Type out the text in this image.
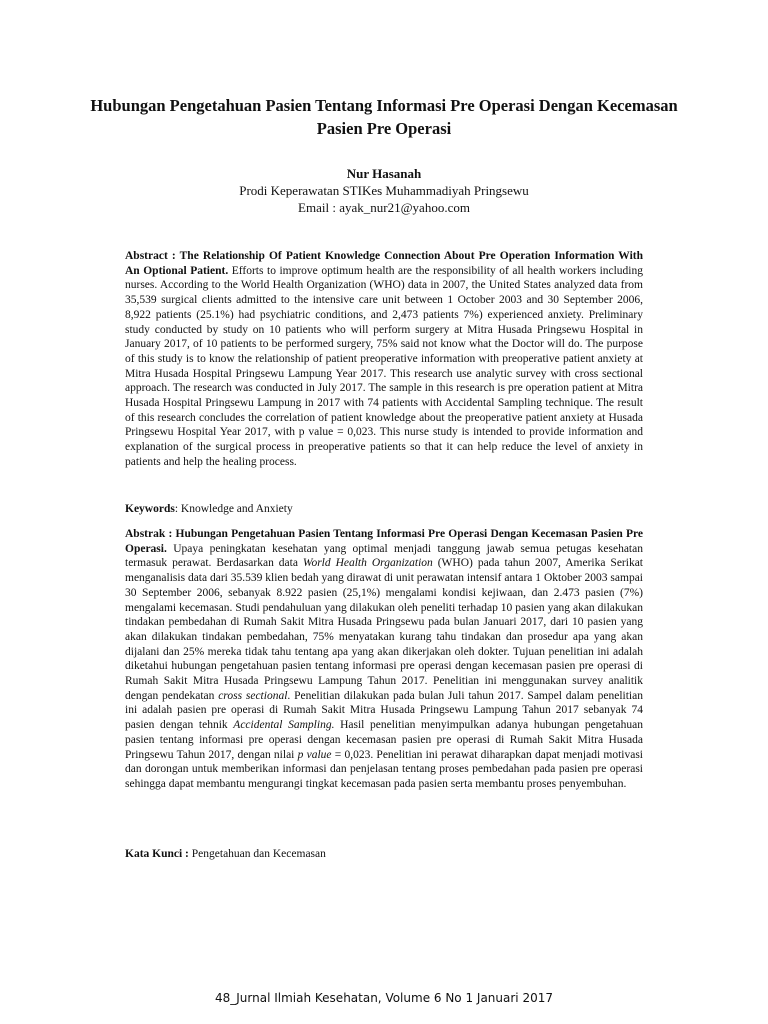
Hubungan Pengetahuan Pasien Tentang Informasi Pre Operasi Dengan Kecemasan Pasien Pre Operasi
Nur Hasanah
Prodi Keperawatan STIKes Muhammadiyah Pringsewu
Email : ayak_nur21@yahoo.com
Abstract : The Relationship Of Patient Knowledge Connection About Pre Operation Information With An Optional Patient. Efforts to improve optimum health are the responsibility of all health workers including nurses. According to the World Health Organization (WHO) data in 2007, the United States analyzed data from 35,539 surgical clients admitted to the intensive care unit between 1 October 2003 and 30 September 2006, 8,922 patients (25.1%) had psychiatric conditions, and 2,473 patients 7%) experienced anxiety. Preliminary study conducted by study on 10 patients who will perform surgery at Mitra Husada Pringsewu Hospital in January 2017, of 10 patients to be performed surgery, 75% said not know what the Doctor will do. The purpose of this study is to know the relationship of patient preoperative information with preoperative patient anxiety at Mitra Husada Hospital Pringsewu Lampung Year 2017. This research use analytic survey with cross sectional approach. The research was conducted in July 2017. The sample in this research is pre operation patient at Mitra Husada Hospital Pringsewu Lampung in 2017 with 74 patients with Accidental Sampling technique. The result of this research concludes the correlation of patient knowledge about the preoperative patient anxiety at Husada Pringsewu Hospital Year 2017, with p value = 0,023. This nurse study is intended to provide information and explanation of the surgical process in preoperative patients so that it can help reduce the level of anxiety in patients and help the healing process.
Keywords: Knowledge and Anxiety
Abstrak : Hubungan Pengetahuan Pasien Tentang Informasi Pre Operasi Dengan Kecemasan Pasien Pre Operasi. Upaya peningkatan kesehatan yang optimal menjadi tanggung jawab semua petugas kesehatan termasuk perawat. Berdasarkan data World Health Organization (WHO) pada tahun 2007, Amerika Serikat menganalisis data dari 35.539 klien bedah yang dirawat di unit perawatan intensif antara 1 Oktober 2003 sampai 30 September 2006, sebanyak 8.922 pasien (25,1%) mengalami kondisi kejiwaan, dan 2.473 pasien (7%) mengalami kecemasan. Studi pendahuluan yang dilakukan oleh peneliti terhadap 10 pasien yang akan dilakukan tindakan pembedahan di Rumah Sakit Mitra Husada Pringsewu pada bulan Januari 2017, dari 10 pasien yang akan dilakukan tindakan pembedahan, 75% menyatakan kurang tahu tindakan dan prosedur apa yang akan dijalani dan 25% mereka tidak tahu tentang apa yang akan dikerjakan oleh dokter. Tujuan penelitian ini adalah diketahui hubungan pengetahuan pasien tentang informasi pre operasi dengan kecemasan pasien pre operasi di Rumah Sakit Mitra Husada Pringsewu Lampung Tahun 2017. Penelitian ini menggunakan survey analitik dengan pendekatan cross sectional. Penelitian dilakukan pada bulan Juli tahun 2017. Sampel dalam penelitian ini adalah pasien pre operasi di Rumah Sakit Mitra Husada Pringsewu Lampung Tahun 2017 sebanyak 74 pasien dengan tehnik Accidental Sampling. Hasil penelitian menyimpulkan adanya hubungan pengetahuan pasien tentang informasi pre operasi dengan kecemasan pasien pre operasi di Rumah Sakit Mitra Husada Pringsewu Tahun 2017, dengan nilai p value = 0,023. Penelitian ini perawat diharapkan dapat menjadi motivasi dan dorongan untuk memberikan informasi dan penjelasan tentang proses pembedahan pada pasien pre operasi sehingga dapat membantu mengurangi tingkat kecemasan pada pasien serta membantu proses penyembuhan.
Kata Kunci : Pengetahuan dan Kecemasan
48_Jurnal Ilmiah Kesehatan, Volume 6 No 1 Januari 2017
